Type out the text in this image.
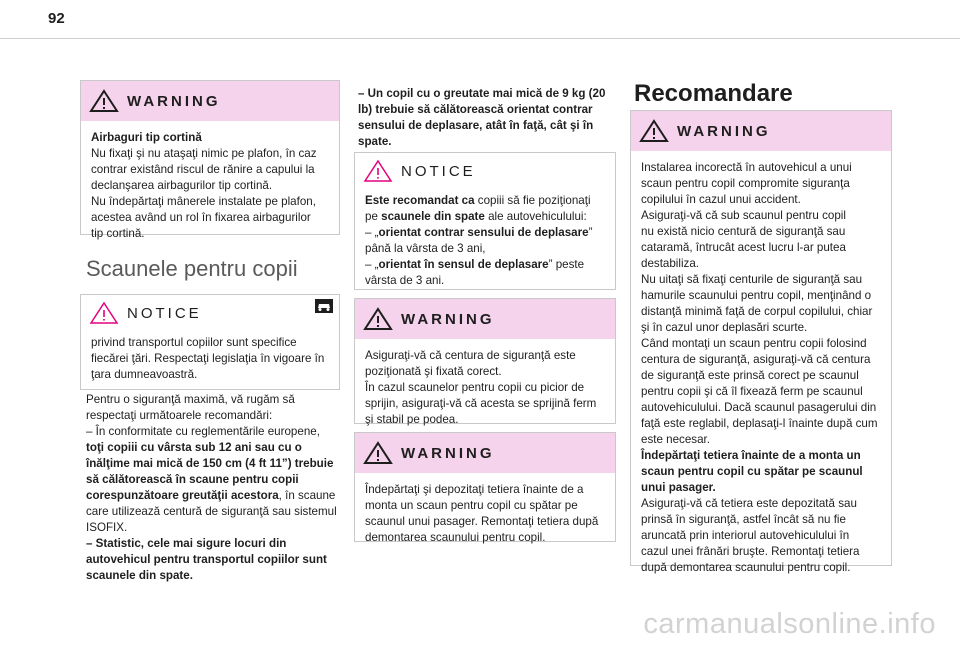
92
WARNING

Airbaguri tip cortină

Nu fixaţi şi nu ataşaţi nimic pe plafon, în caz

contrar existând riscul de rănire a capului la

declanşarea airbagurilor tip cortină.

Nu îndepărtaţi mânerele instalate pe plafon,

acestea având un rol în fixarea airbagurilor

tip cortină.

Scaunele pentru copii
NOTICE

privind transportul copiilor sunt specifice

fiecărei ţări. Respectaţi legislaţia în vigoare în

ţara dumneavoastră.

Pentru o siguranţă maximă, vă rugăm să

respectaţi următoarele recomandări:

– În conformitate cu reglementările europene,

toţi copiii cu vârsta sub 12 ani sau cu o

înălţime mai mică de 150 cm (4 ft 11”) trebuie

să călătorească în scaune pentru copii

corespunzătoare greutăţii acestora, în scaune

care utilizează centură de siguranţă sau sistemul

ISOFIX.

– Statistic, cele mai sigure locuri din

autovehicul pentru transportul copiilor sunt

scaunele din spate.

– Un copil cu o greutate mai mică de 9 kg (20

lb) trebuie să călătorească orientat contrar

sensului de deplasare, atât în faţă, cât şi în

spate.

NOTICE

Este recomandat ca copiii să fie poziţionaţi

pe scaunele din spate ale autovehiculului:

– „orientat contrar sensului de deplasare”

până la vârsta de 3 ani,

– „orientat în sensul de deplasare” peste

vârsta de 3 ani.

WARNING

Asiguraţi-vă că centura de siguranţă este

poziţionată şi fixată corect.

În cazul scaunelor pentru copii cu picior de

sprijin, asiguraţi-vă că acesta se sprijină ferm

şi stabil pe podea.

WARNING

Îndepărtaţi şi depozitaţi tetiera înainte de a

monta un scaun pentru copil cu spătar pe

scaunul unui pasager. Remontaţi tetiera după

demontarea scaunului pentru copil.

Recomandare
WARNING

Instalarea incorectă în autovehicul a unui

scaun pentru copil compromite siguranţa

copilului în cazul unui accident.

Asiguraţi-vă că sub scaunul pentru copil

nu există nicio centură de siguranţă sau

cataramă, întrucât acest lucru l-ar putea

destabiliza.

Nu uitaţi să fixaţi centurile de siguranţă sau

hamurile scaunului pentru copil, menţinând o

distanţă minimă faţă de corpul copilului, chiar

şi în cazul unor deplasări scurte.

Când montaţi un scaun pentru copii folosind

centura de siguranţă, asiguraţi-vă că centura

de siguranţă este prinsă corect pe scaunul

pentru copii şi că îl fixează ferm pe scaunul

autovehiculului. Dacă scaunul pasagerului din

faţă este reglabil, deplasaţi-l înainte după cum

este necesar.

Îndepărtaţi tetiera înainte de a monta un

scaun pentru copil cu spătar pe scaunul

unui pasager.

Asiguraţi-vă că tetiera este depozitată sau

prinsă în siguranţă, astfel încât să nu fie

aruncată prin interiorul autovehiculului în

cazul unei frânări bruşte. Remontaţi tetiera

după demontarea scaunului pentru copil.

carmanualsonline.info
